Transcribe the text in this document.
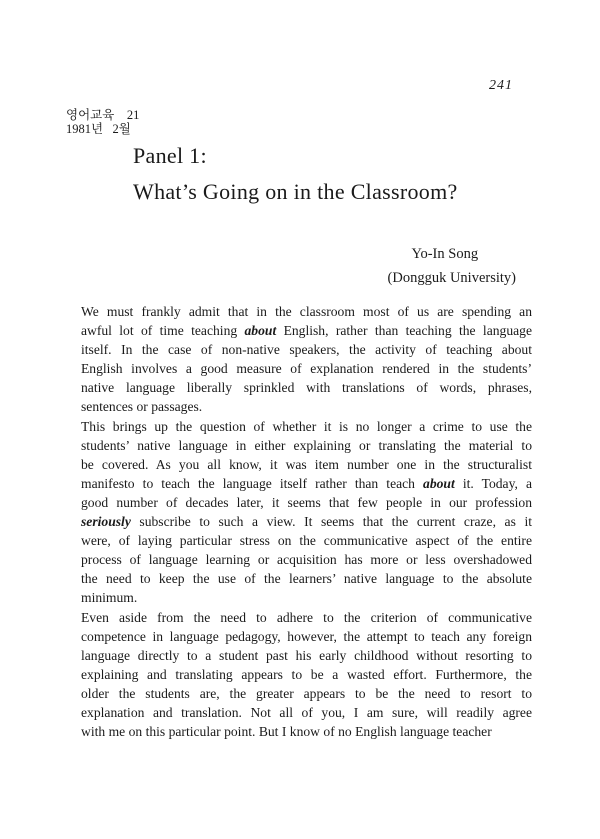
241
영어교육 21
1981년 2월
Panel 1:
What’s Going on in the Classroom?
Yo-In Song
(Dongguk University)

We must frankly admit that in the classroom most of us are spending an
awful lot of time teaching about English, rather than teaching the language
itself. In the case of non-native speakers, the activity of teaching about
English involves a good measure of explanation rendered in the students’
native language liberally sprinkled with translations of words, phrases,
sentences or passages.

This brings up the question of whether it is no longer a crime to use the
students’ native language in either explaining or translating the material to
be covered. As you all know, it was item number one in the structuralist
manifesto to teach the language itself rather than teach about it. Today, a
good number of decades later, it seems that few people in our profession
seriously subscribe to such a view. It seems that the current craze, as it
were, of laying particular stress on the communicative aspect of the entire
process of language learning or acquisition has more or less overshadowed
the need to keep the use of the learners’ native language to the absolute
minimum.

Even aside from the need to adhere to the criterion of communicative
competence in language pedagogy, however, the attempt to teach any foreign
language directly to a student past his early childhood without resorting to
explaining and translating appears to be a wasted effort. Furthermore, the
older the students are, the greater appears to be the need to resort to
explanation and translation. Not all of you, I am sure, will readily agree
with me on this particular point. But I know of no English language teacher
